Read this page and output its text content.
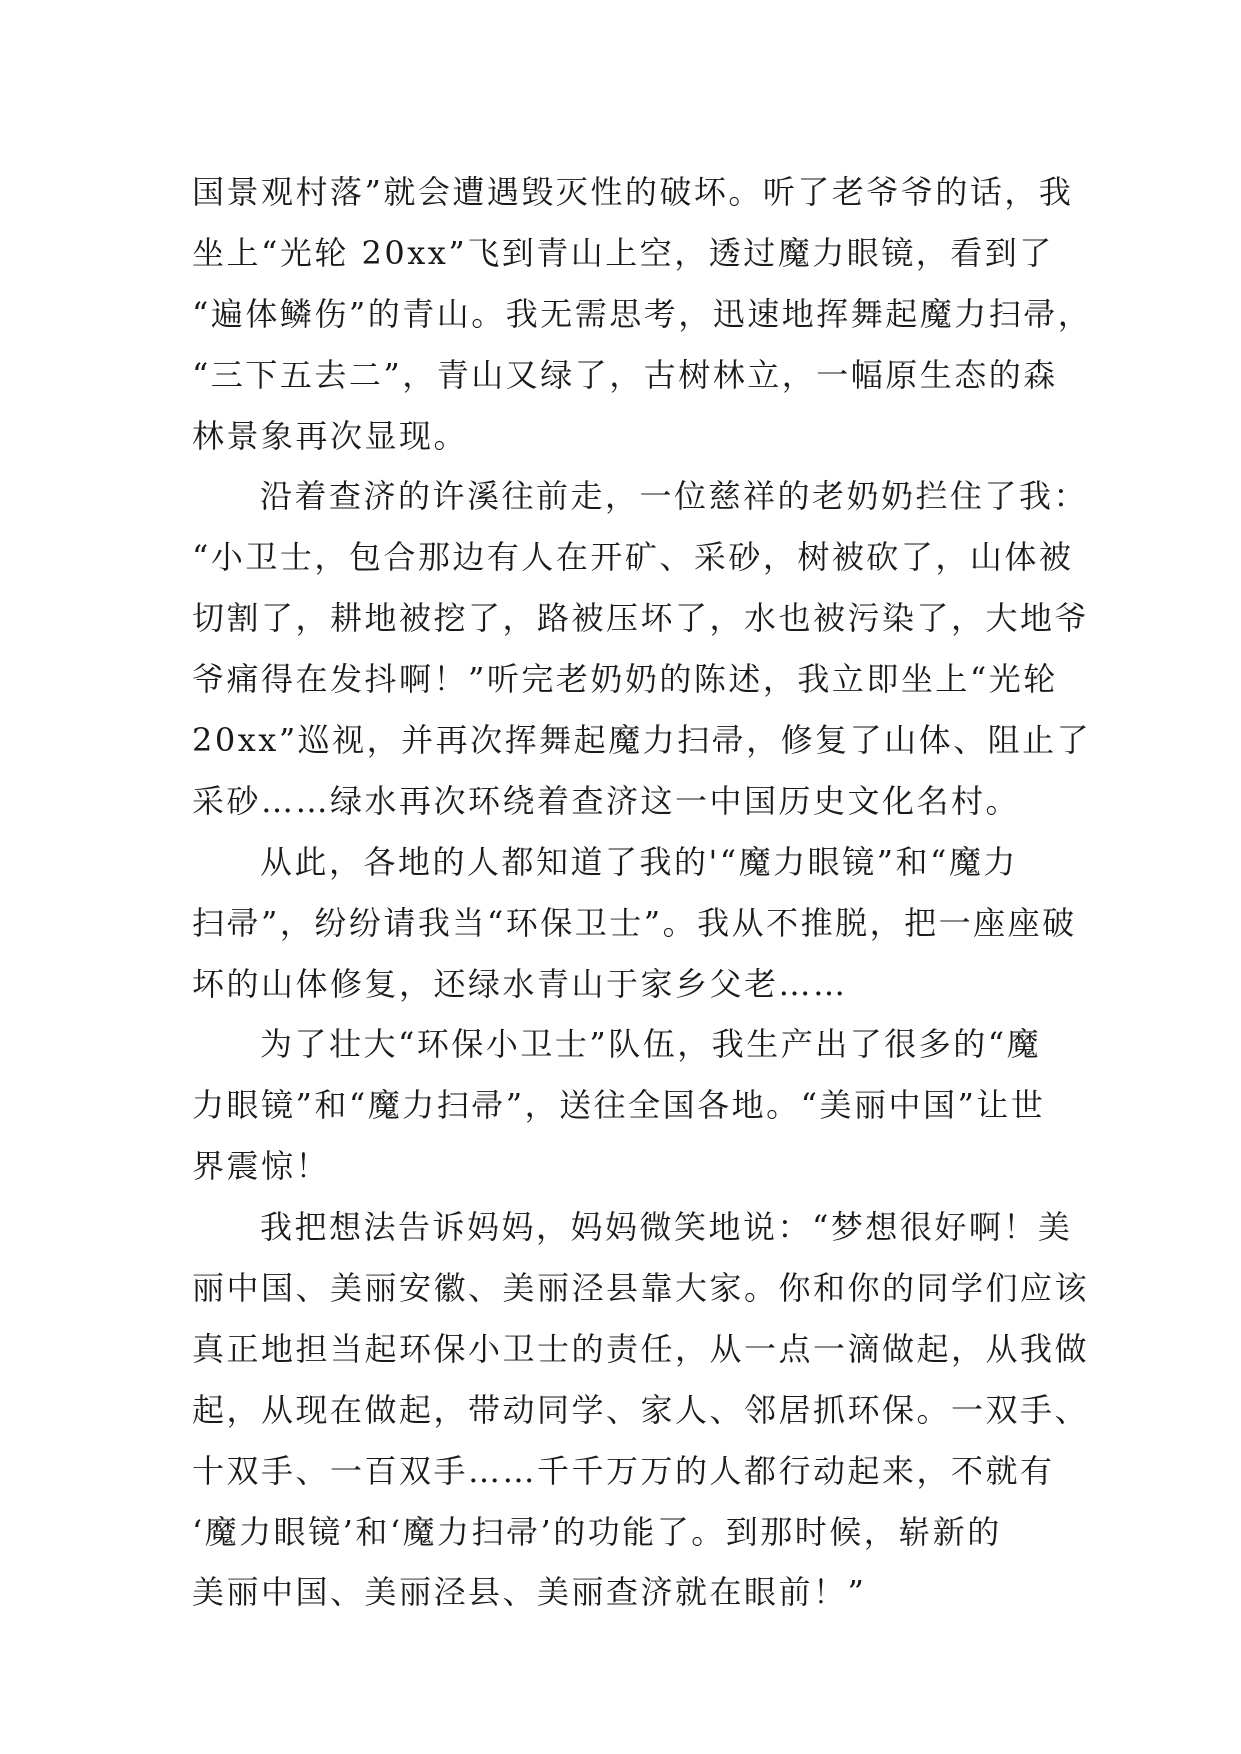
国景观村落”就会遭遇毁灭性的破坏。听了老爷爷的话，我
坐上“光轮 20xx”飞到青山上空，透过魔力眼镜，看到了
“遍体鳞伤”的青山。我无需思考，迅速地挥舞起魔力扫帚，
“三下五去二”，青山又绿了，古树林立，一幅原生态的森
林景象再次显现。
沿着查济的许溪往前走，一位慈祥的老奶奶拦住了我：
“小卫士，包合那边有人在开矿、采砂，树被砍了，山体被
切割了，耕地被挖了，路被压坏了，水也被污染了，大地爷
爷痛得在发抖啊！”听完老奶奶的陈述，我立即坐上“光轮
20xx”巡视，并再次挥舞起魔力扫帚，修复了山体、阻止了
采砂……绿水再次环绕着查济这一中国历史文化名村。
从此，各地的人都知道了我的'“魔力眼镜”和“魔力
扫帚”，纷纷请我当“环保卫士”。我从不推脱，把一座座破
坏的山体修复，还绿水青山于家乡父老……
为了壮大“环保小卫士”队伍，我生产出了很多的“魔
力眼镜”和“魔力扫帚”，送往全国各地。“美丽中国”让世
界震惊！
我把想法告诉妈妈，妈妈微笑地说：“梦想很好啊！美
丽中国、美丽安徽、美丽泾县靠大家。你和你的同学们应该
真正地担当起环保小卫士的责任，从一点一滴做起，从我做
起，从现在做起，带动同学、家人、邻居抓环保。一双手、
十双手、一百双手……千千万万的人都行动起来，不就有
‘魔力眼镜’和‘魔力扫帚’的功能了。到那时候，崭新的
美丽中国、美丽泾县、美丽查济就在眼前！”
